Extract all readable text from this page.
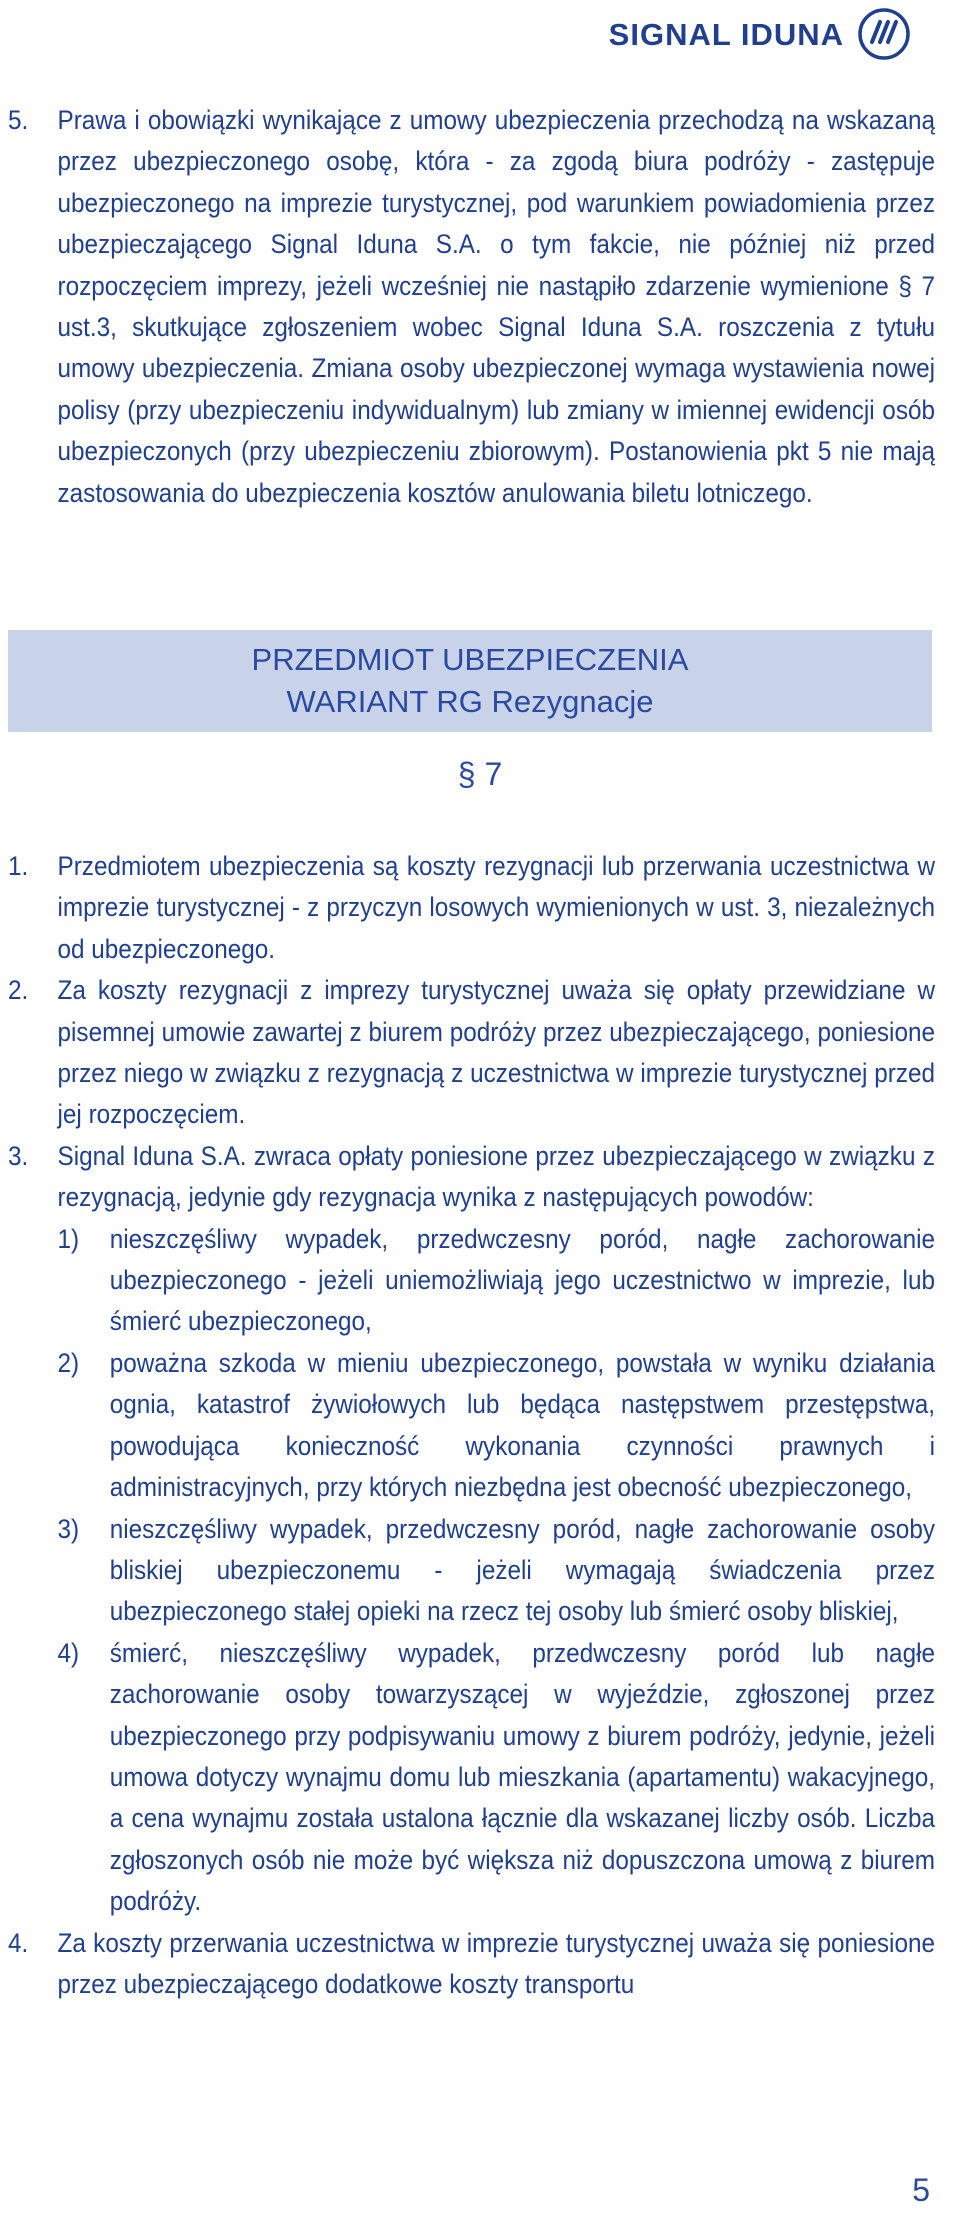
SIGNAL IDUNA

5. Prawa i obowiązki wynikające z umowy ubezpieczenia przechodzą na wskazaną przez ubezpieczonego osobę, która - za zgodą biura podróży - zastępuje ubezpieczonego na imprezie turystycznej, pod warunkiem powiadomienia przez ubezpieczającego Signal Iduna S.A. o tym fakcie, nie później niż przed rozpoczęciem imprezy, jeżeli wcześniej nie nastąpiło zdarzenie wymienione § 7 ust.3, skutkujące zgłoszeniem wobec Signal Iduna S.A. roszczenia z tytułu umowy ubezpieczenia. Zmiana osoby ubezpieczonej wymaga wystawienia nowej polisy (przy ubezpieczeniu indywidualnym) lub zmiany w imiennej ewidencji osób ubezpieczonych (przy ubezpieczeniu zbiorowym). Postanowienia pkt 5 nie mają zastosowania do ubezpieczenia kosztów anulowania biletu lotniczego.

PRZEDMIOT UBEZPIECZENIA
WARIANT RG Rezygnacje
§ 7

1. Przedmiotem ubezpieczenia są koszty rezygnacji lub przerwania uczestnictwa w imprezie turystycznej - z przyczyn losowych wymienionych w ust. 3, niezależnych od ubezpieczonego.

2. Za koszty rezygnacji z imprezy turystycznej uważa się opłaty przewidziane w pisemnej umowie zawartej z biurem podróży przez ubezpieczającego, poniesione przez niego w związku z rezygnacją z uczestnictwa w imprezie turystycznej przed jej rozpoczęciem.

3. Signal Iduna S.A. zwraca opłaty poniesione przez ubezpieczającego w związku z rezygnacją, jedynie gdy rezygnacja wynika z następujących powodów:

1) nieszczęśliwy wypadek, przedwczesny poród, nagłe zachorowanie ubezpieczonego - jeżeli uniemożliwiają jego uczestnictwo w imprezie, lub śmierć ubezpieczonego,

2) poważna szkoda w mieniu ubezpieczonego, powstała w wyniku działania ognia, katastrof żywiołowych lub będąca następstwem przestępstwa, powodująca konieczność wykonania czynności prawnych i administracyjnych, przy których niezbędna jest obecność ubezpieczonego,

3) nieszczęśliwy wypadek, przedwczesny poród, nagłe zachorowanie osoby bliskiej ubezpieczonemu - jeżeli wymagają świadczenia przez ubezpieczonego stałej opieki na rzecz tej osoby lub śmierć osoby bliskiej,

4) śmierć, nieszczęśliwy wypadek, przedwczesny poród lub nagłe zachorowanie osoby towarzyszącej w wyjeździe, zgłoszonej przez ubezpieczonego przy podpisywaniu umowy z biurem podróży, jedynie, jeżeli umowa dotyczy wynajmu domu lub mieszkania (apartamentu) wakacyjnego, a cena wynajmu została ustalona łącznie dla wskazanej liczby osób. Liczba zgłoszonych osób nie może być większa niż dopuszczona umową z biurem podróży.

4. Za koszty przerwania uczestnictwa w imprezie turystycznej uważa się poniesione przez ubezpieczającego dodatkowe koszty transportu

5
